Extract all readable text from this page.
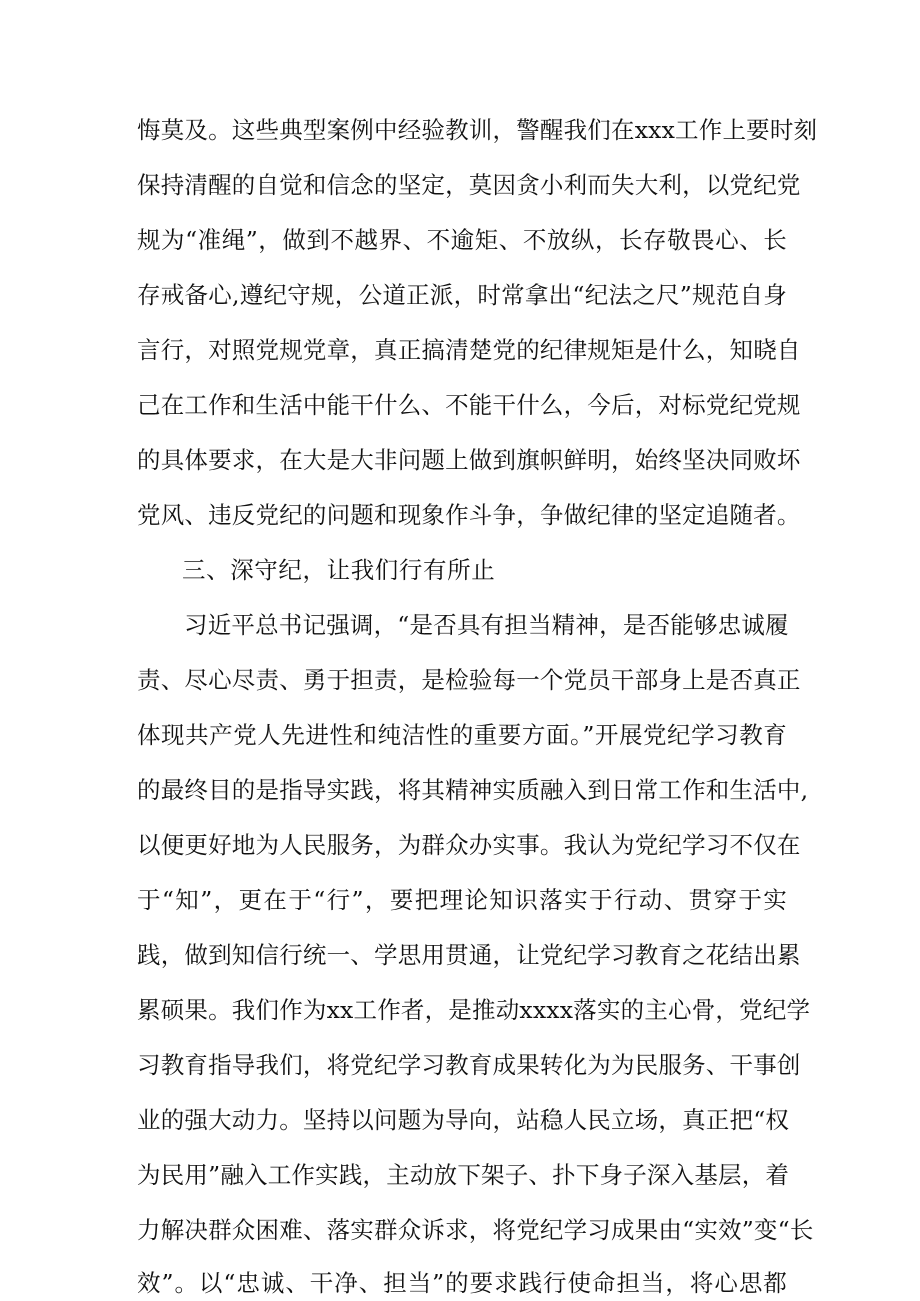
悔莫及。这些典型案例中经验教训，警醒我们在xxx工作上要时刻
保持清醒的自觉和信念的坚定，莫因贪小利而失大利，以党纪党
规为“准绳”，做到不越界、不逾矩、不放纵，长存敬畏心、长
存戒备心,遵纪守规，公道正派，时常拿出“纪法之尺”规范自身
言行，对照党规党章，真正搞清楚党的纪律规矩是什么，知晓自
己在工作和生活中能干什么、不能干什么，今后，对标党纪党规
的具体要求，在大是大非问题上做到旗帜鲜明，始终坚决同败坏
党风、违反党纪的问题和现象作斗争，争做纪律的坚定追随者。
三、深守纪，让我们行有所止
习近平总书记强调，“是否具有担当精神，是否能够忠诚履
责、尽心尽责、勇于担责，是检验每一个党员干部身上是否真正
体现共产党人先进性和纯洁性的重要方面。”开展党纪学习教育
的最终目的是指导实践，将其精神实质融入到日常工作和生活中,
以便更好地为人民服务，为群众办实事。我认为党纪学习不仅在
于“知”，更在于“行”，要把理论知识落实于行动、贯穿于实
践，做到知信行统一、学思用贯通，让党纪学习教育之花结出累
累硕果。我们作为xx工作者，是推动xxxx落实的主心骨，党纪学
习教育指导我们，将党纪学习教育成果转化为为民服务、干事创
业的强大动力。坚持以问题为导向，站稳人民立场，真正把“权
为民用”融入工作实践，主动放下架子、扑下身子深入基层，着
力解决群众困难、落实群众诉求，将党纪学习成果由“实效”变“长
效”。以“忠诚、干净、担当”的要求践行使命担当，将心思都
